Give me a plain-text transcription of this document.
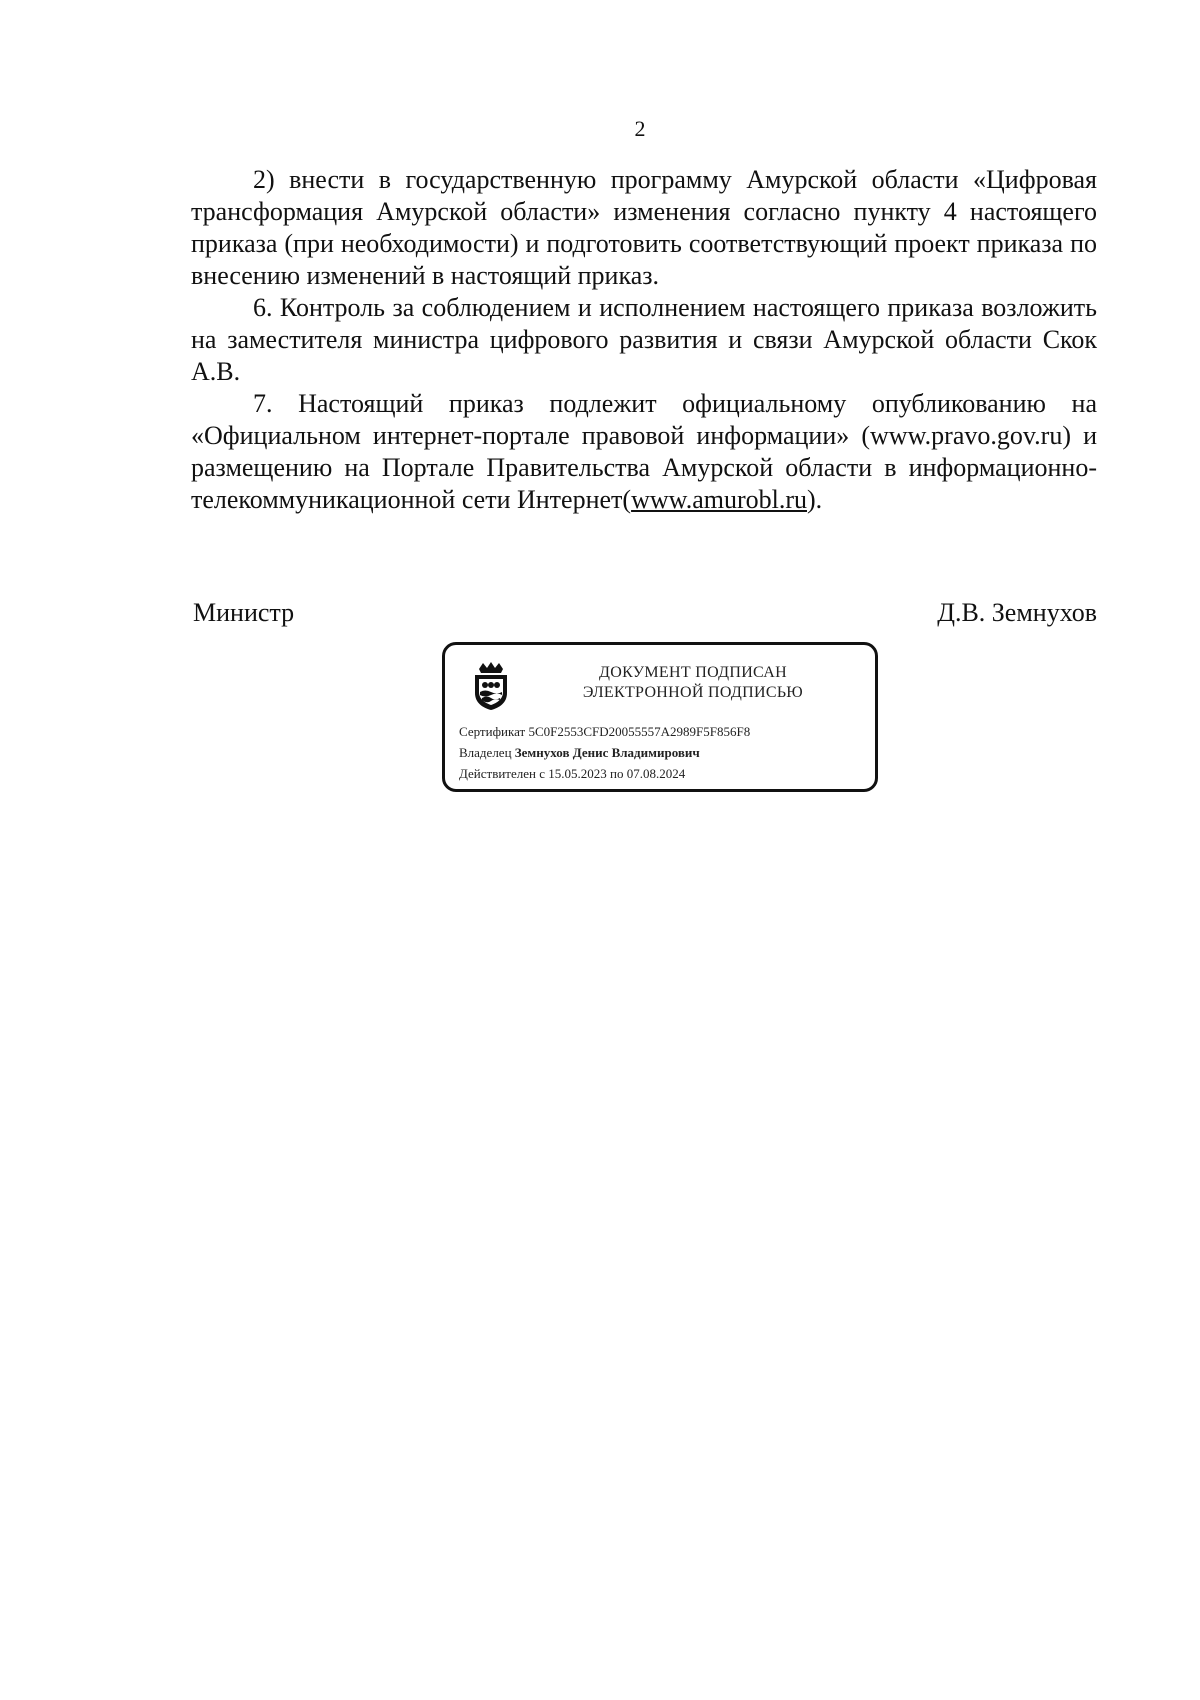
2

2) внести в государственную программу Амурской области «Цифровая трансформация Амурской области» изменения согласно пункту 4 настоящего приказа (при необходимости) и подготовить соответствующий проект приказа по внесению изменений в настоящий приказ.

6. Контроль за соблюдением и исполнением настоящего приказа возложить на заместителя министра цифрового развития и связи Амурской области Скок А.В.

7. Настоящий приказ подлежит официальному опубликованию на «Официальном интернет-портале правовой информации» (www.pravo.gov.ru) и размещению на Портале Правительства Амурской области в информационно-телекоммуникационной сети Интернет(www.amurobl.ru).

Министр	Д.В. Земнухов
ДОКУМЕНТ ПОДПИСАН
ЭЛЕКТРОННОЙ ПОДПИСЬЮ
Сертификат 5C0F2553CFD20055557A2989F5F856F8
Владелец Земнухов Денис Владимирович
Действителен с 15.05.2023 по 07.08.2024
